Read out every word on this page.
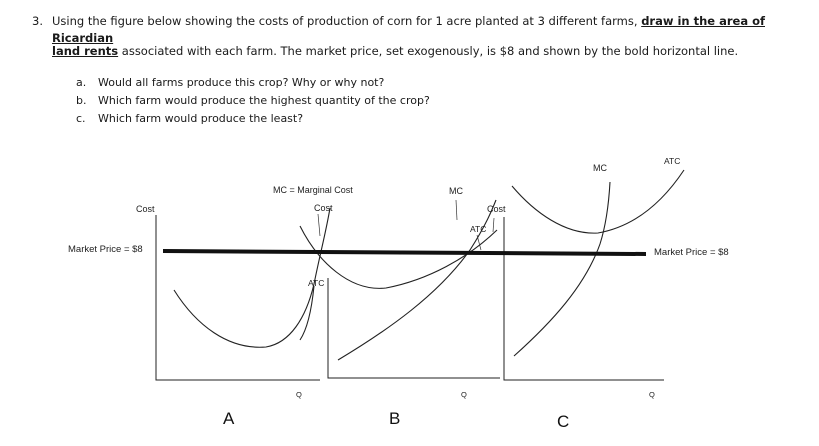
3. Using the figure below showing the costs of production of corn for 1 acre planted at 3 different farms, draw in the area of Ricardian
land rents associated with each farm. The market price, set exogenously, is $8 and shown by the bold horizontal line.
a. Would all farms produce this crop? Why or why not?
b. Which farm would produce the highest quantity of the crop?
c. Which farm would produce the least?
Cost
Market Price = $8
MC = Marginal Cost
Cost
ATC
MC
Cost
ATC
MC
ATC
Market Price = $8
Q	Q	Q
A	B	C
